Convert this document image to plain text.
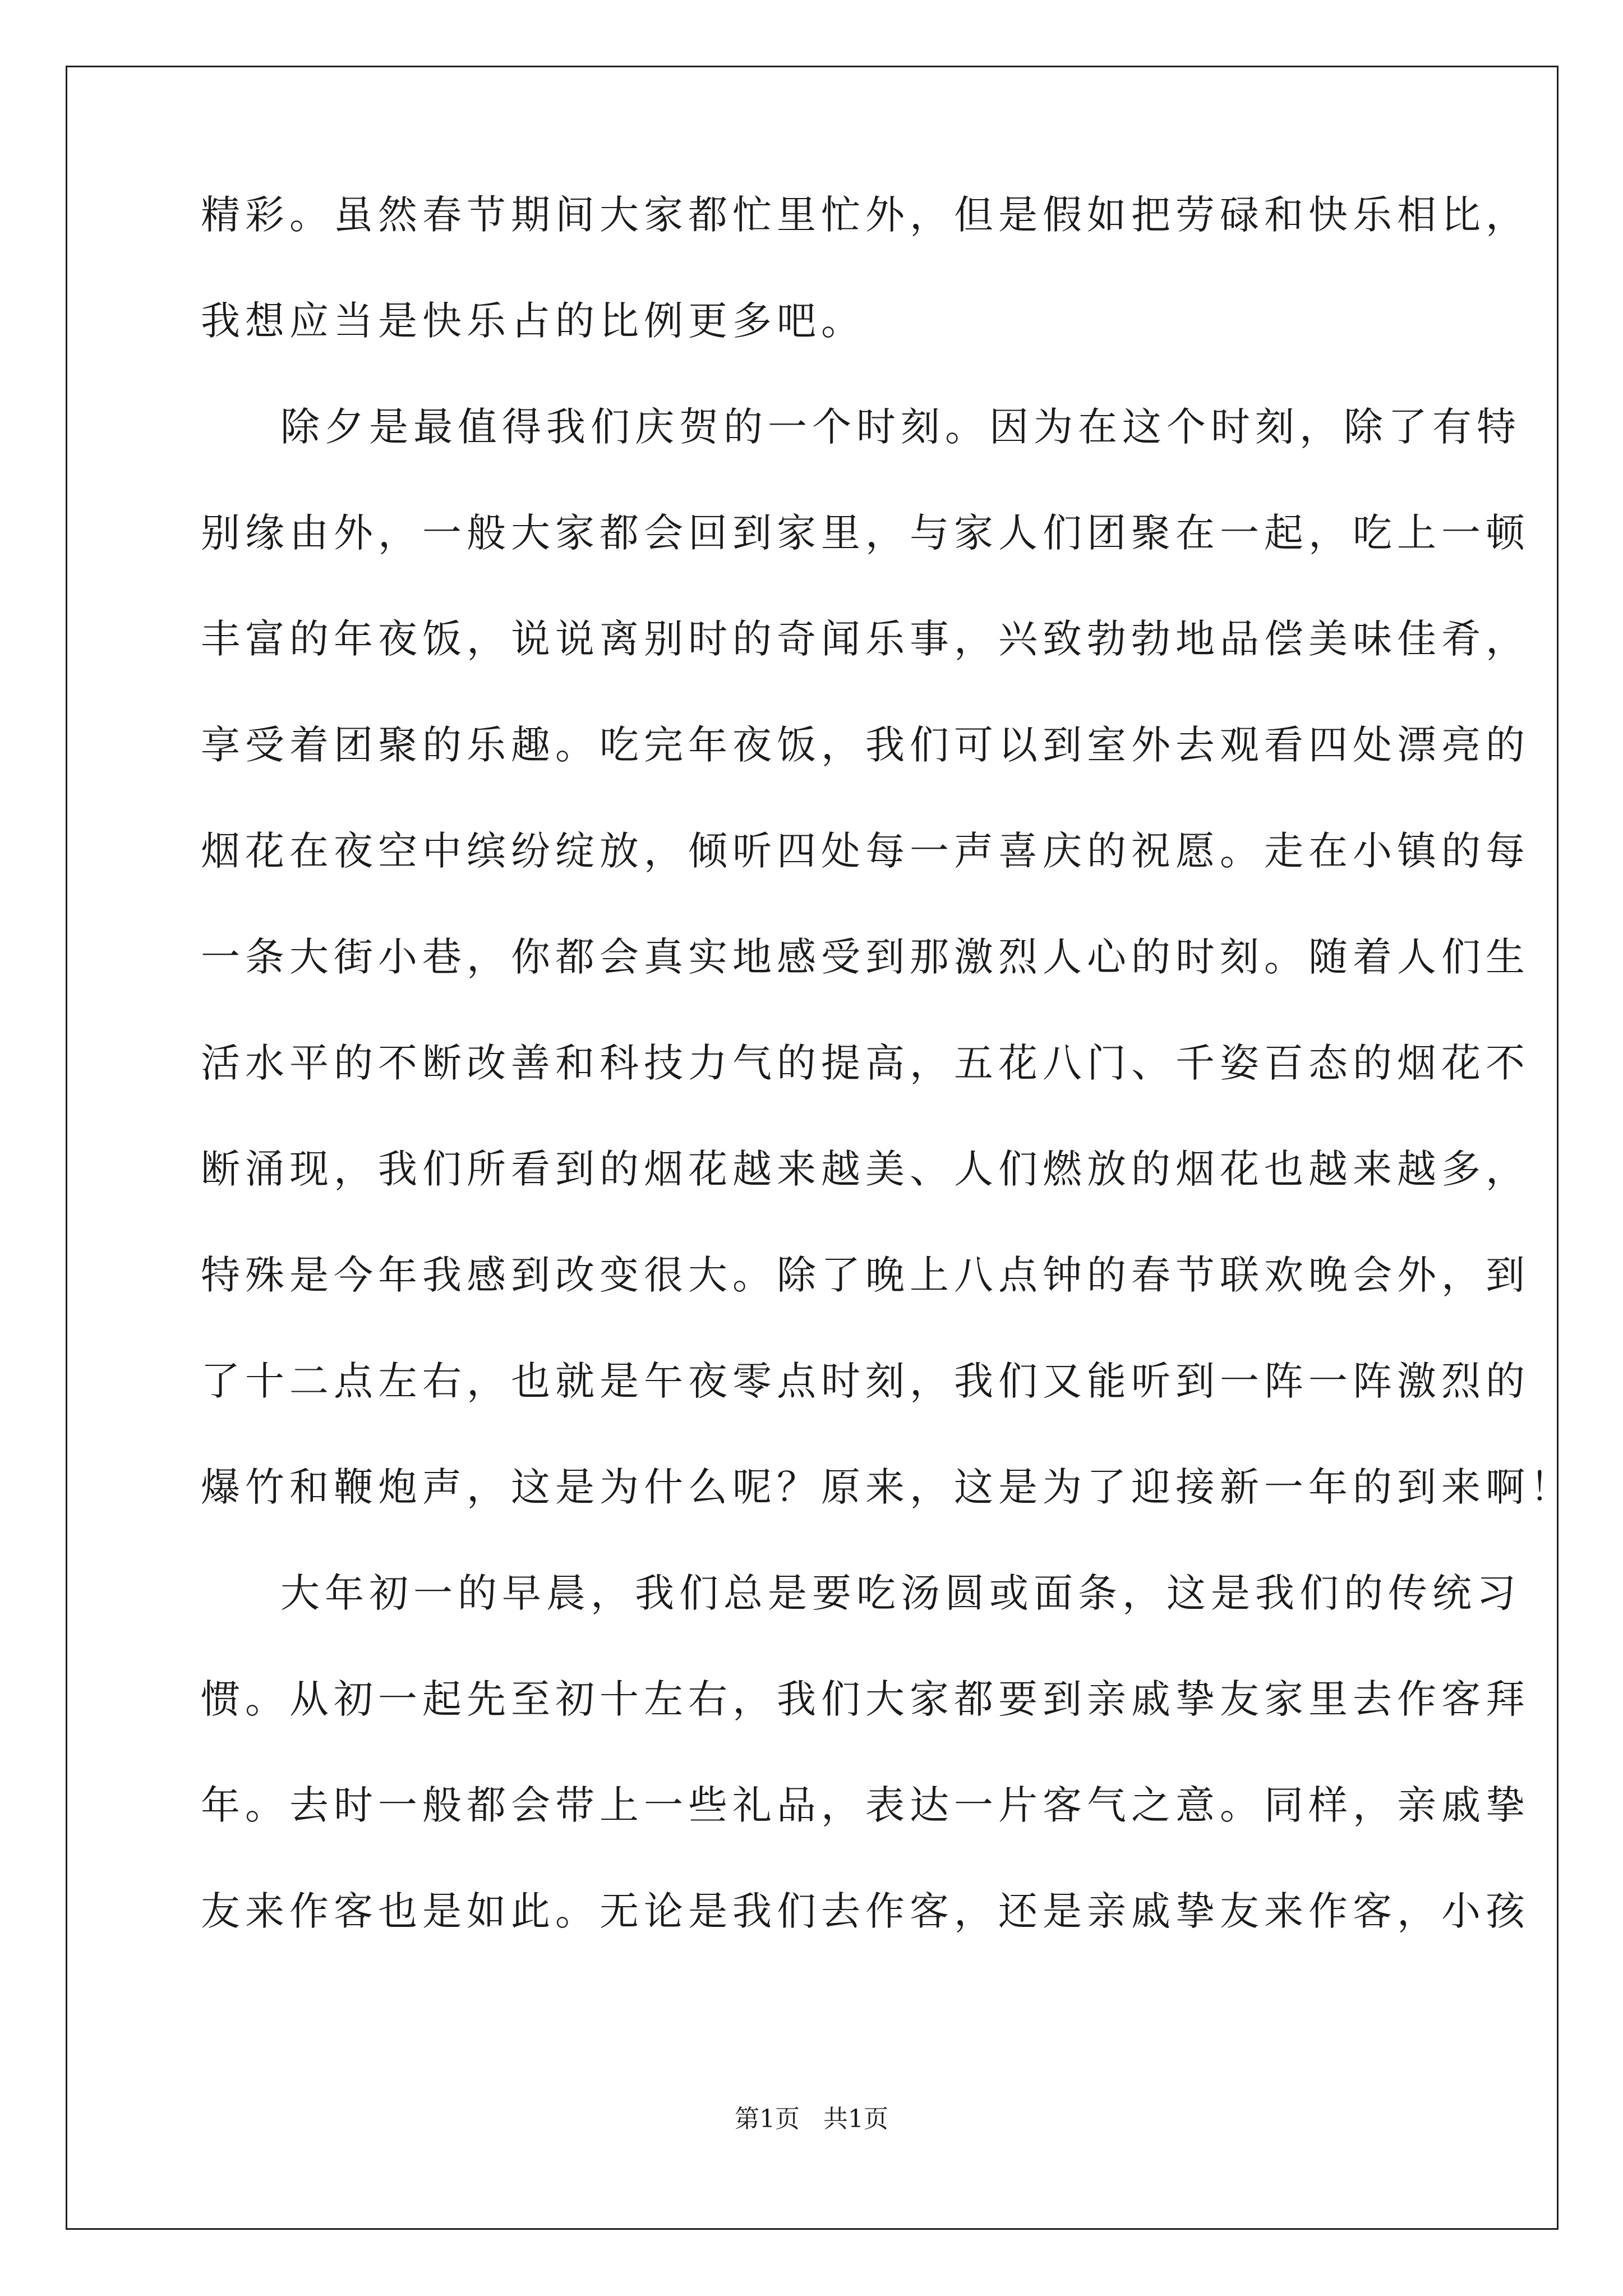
精彩。虽然春节期间大家都忙里忙外，但是假如把劳碌和快乐相比，
我想应当是快乐占的比例更多吧。
除夕是最值得我们庆贺的一个时刻。因为在这个时刻，除了有特
别缘由外，一般大家都会回到家里，与家人们团聚在一起，吃上一顿
丰富的年夜饭，说说离别时的奇闻乐事，兴致勃勃地品偿美味佳肴，
享受着团聚的乐趣。吃完年夜饭，我们可以到室外去观看四处漂亮的
烟花在夜空中缤纷绽放，倾听四处每一声喜庆的祝愿。走在小镇的每
一条大街小巷，你都会真实地感受到那激烈人心的时刻。随着人们生
活水平的不断改善和科技力气的提高，五花八门、千姿百态的烟花不
断涌现，我们所看到的烟花越来越美、人们燃放的烟花也越来越多，
特殊是今年我感到改变很大。除了晚上八点钟的春节联欢晚会外，到
了十二点左右，也就是午夜零点时刻，我们又能听到一阵一阵激烈的
爆竹和鞭炮声，这是为什么呢？原来，这是为了迎接新一年的到来啊！
大年初一的早晨，我们总是要吃汤圆或面条，这是我们的传统习
惯。从初一起先至初十左右，我们大家都要到亲戚挚友家里去作客拜
年。去时一般都会带上一些礼品，表达一片客气之意。同样，亲戚挚
友来作客也是如此。无论是我们去作客，还是亲戚挚友来作客，小孩
第1页   共1页
